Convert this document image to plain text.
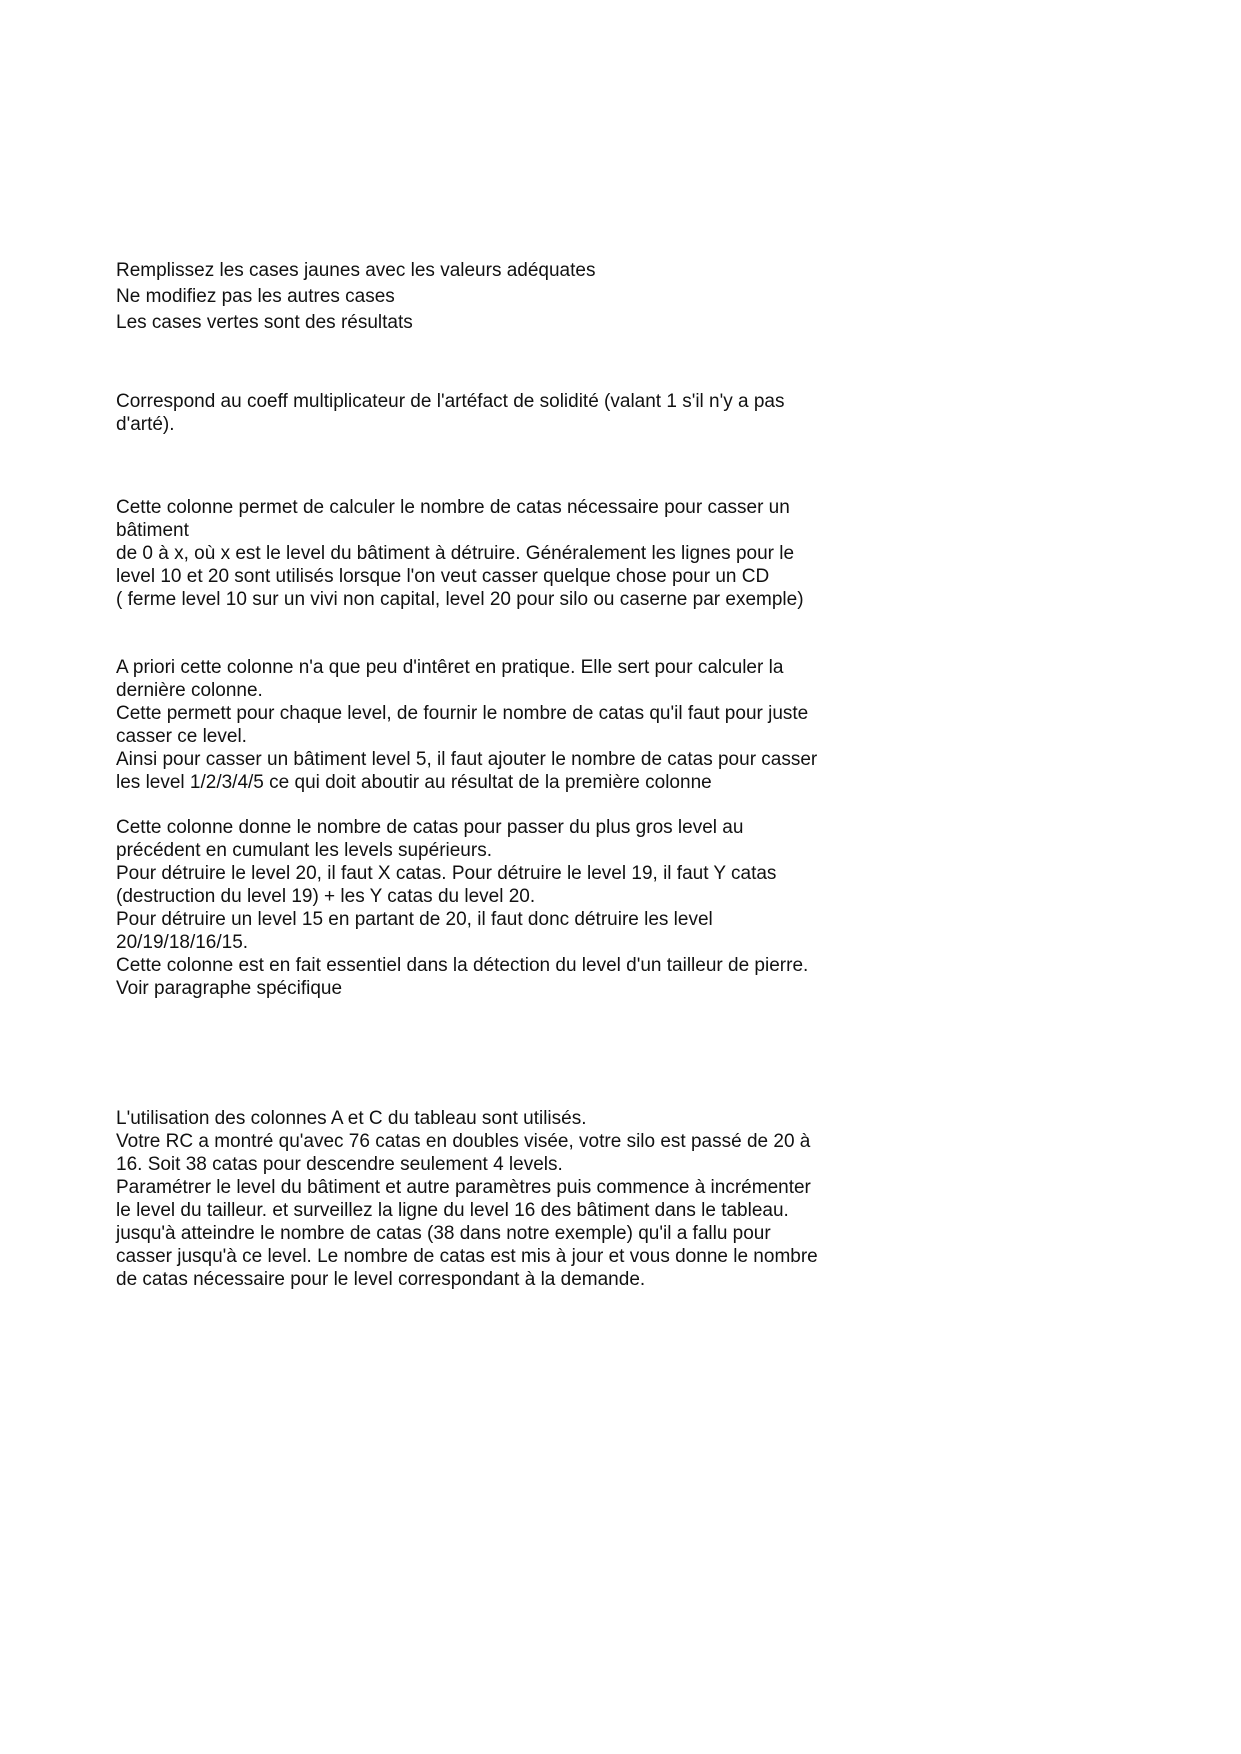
Remplissez les cases jaunes avec les valeurs adéquates
Ne modifiez pas les autres cases
Les cases vertes sont des résultats
Correspond au coeff multiplicateur de l'artéfact de solidité (valant 1 s'il n'y a pas
d'arté).
Cette colonne permet de calculer le nombre de catas nécessaire pour casser un
bâtiment
de 0 à x, où x est le level du bâtiment à détruire. Généralement les lignes pour le
level 10 et 20 sont utilisés lorsque l'on veut casser quelque chose pour un CD
( ferme level 10 sur un vivi non capital, level 20 pour silo ou caserne par exemple)
A priori cette colonne n'a que peu d'intêret en pratique. Elle sert pour calculer la
dernière colonne.
Cette permett pour chaque level, de fournir le nombre de catas qu'il faut pour juste
casser ce level.
Ainsi pour casser un bâtiment level 5, il faut ajouter le nombre de catas pour casser
les level 1/2/3/4/5 ce qui doit aboutir au résultat de la première colonne
Cette colonne donne le nombre de catas pour passer du plus gros level au
précédent en cumulant les levels supérieurs.
Pour détruire le level 20, il faut X catas. Pour détruire le level 19, il faut Y catas
(destruction du level 19) + les Y catas du level 20.
Pour détruire un level 15 en partant de 20, il faut donc détruire les level
20/19/18/16/15.
Cette colonne est en fait essentiel dans la détection du level d'un tailleur de pierre.
Voir paragraphe spécifique
L'utilisation des colonnes A et C du tableau sont utilisés.
Votre RC a montré qu'avec 76 catas en doubles visée, votre silo est passé de 20 à
16. Soit 38 catas pour descendre seulement 4 levels.
Paramétrer le level du bâtiment et autre paramètres puis commence à incrémenter
le level du tailleur. et surveillez la ligne du level 16 des bâtiment dans le tableau.
jusqu'à atteindre le nombre de catas (38 dans notre exemple) qu'il a fallu pour
casser jusqu'à ce level. Le nombre de catas est mis à jour et vous donne le nombre
de catas nécessaire pour le level correspondant à la demande.
